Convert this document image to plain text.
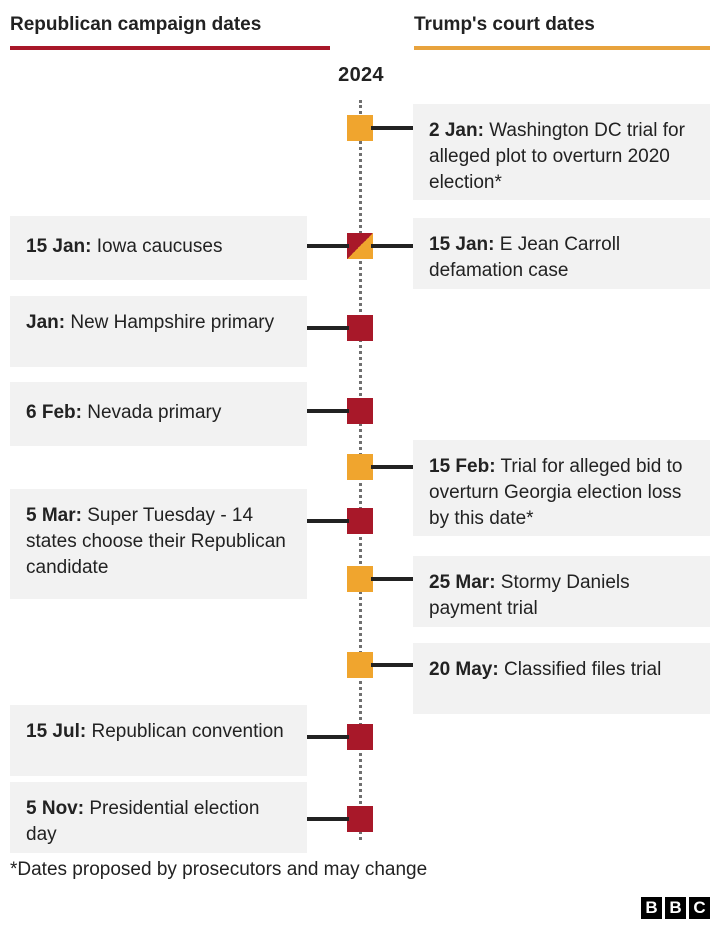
Republican campaign dates	Trump's court dates
2024
2 Jan: Washington DC trial for alleged plot to overturn 2020 election*
15 Jan: E Jean Carroll defamation case
15 Feb: Trial for alleged bid to overturn Georgia election loss by this date*
25 Mar: Stormy Daniels payment trial
20 May: Classified files trial
15 Jan: Iowa caucuses
Jan: New Hampshire primary
6 Feb: Nevada primary
5 Mar: Super Tuesday - 14 states choose their Republican candidate
15 Jul: Republican convention
5 Nov: Presidential election day
*Dates proposed by prosecutors and may change
B B C
